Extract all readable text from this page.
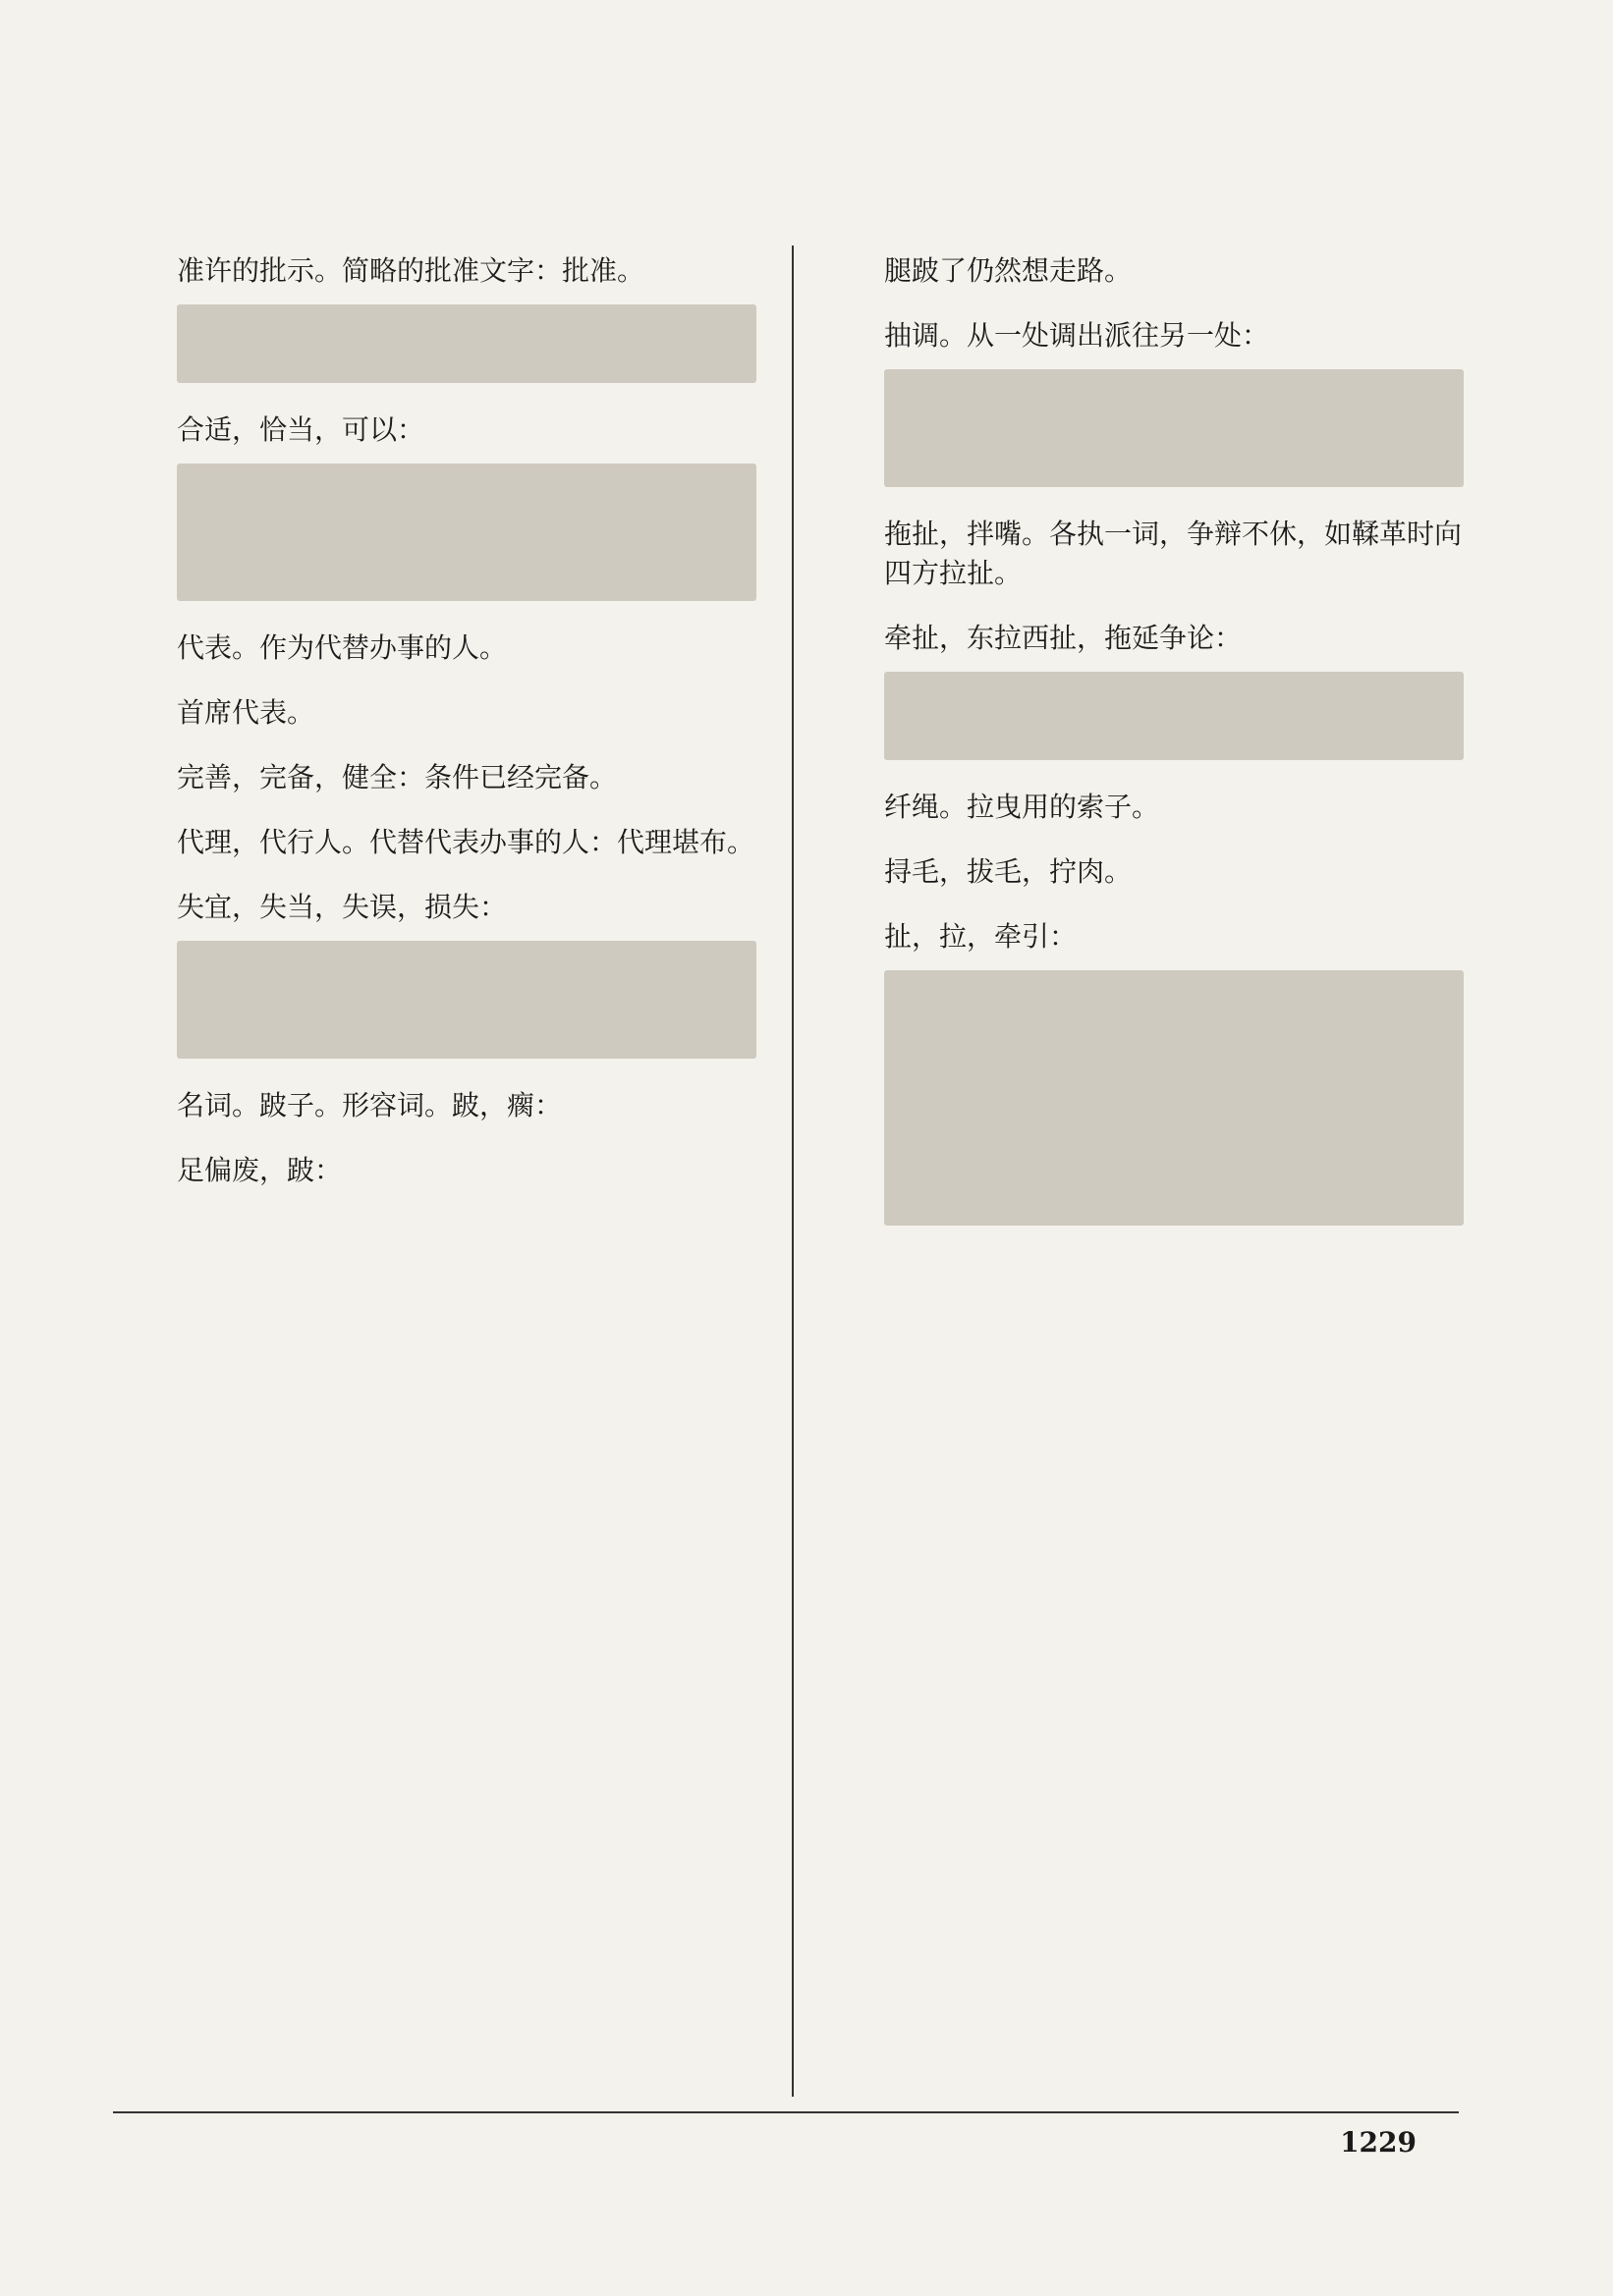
准许的批示。简略的批准文字：批准。
合适，恰当，可以：
代表。作为代替办事的人。
首席代表。
完善，完备，健全：条件已经完备。
代理，代行人。代替代表办事的人：代理堪布。
失宜，失当，失误，损失：
名词。跛子。形容词。跛，瘸：
足偏废，跛：
腿跛了仍然想走路。
抽调。从一处调出派往另一处：
拖扯，拌嘴。各执一词，争辩不休，如鞣革时向四方拉扯。
牵扯，东拉西扯，拖延争论：
纤绳。拉曳用的索子。
挦毛，拔毛，拧肉。
扯，拉，牵引：
1229
